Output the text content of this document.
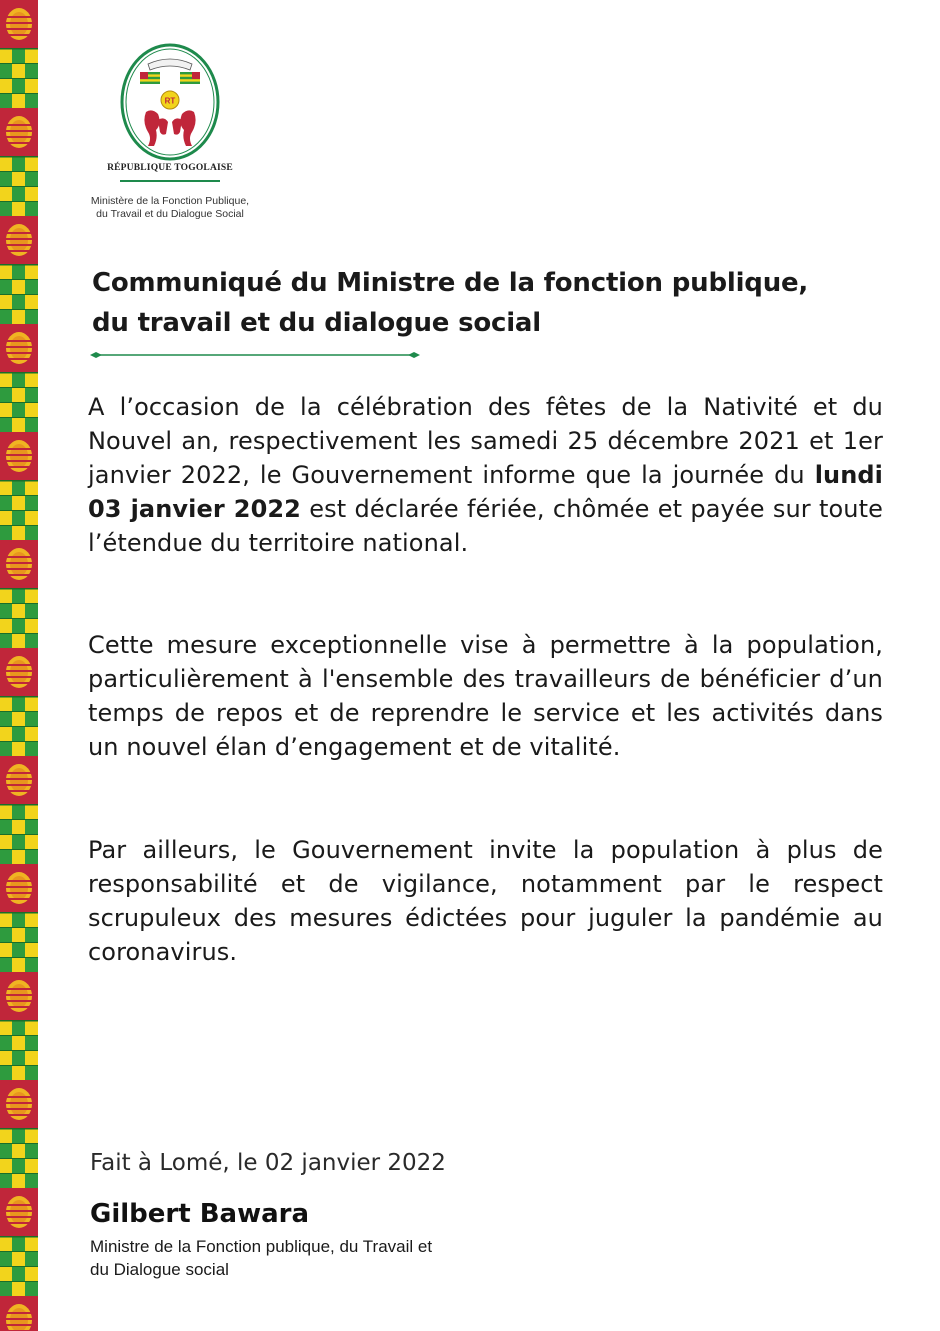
RT
RÉPUBLIQUE TOGOLAISE
Ministère de la Fonction Publique,
du Travail et du Dialogue Social
Communiqué du Ministre de la fonction publique,
du travail et du dialogue social
A l’occasion de la célébration des fêtes de la Nativité et du Nouvel an, respectivement les samedi 25 décembre 2021 et 1er janvier 2022, le Gouvernement informe que la journée du lundi 03 janvier 2022 est déclarée fériée, chômée et payée sur toute l’étendue du territoire national.
Cette mesure exceptionnelle vise à permettre à la population, particulièrement à l'ensemble des travailleurs de bénéficier d’un temps de repos et de reprendre le service et les activités dans un nouvel élan d’engagement et de vitalité.
Par ailleurs, le Gouvernement invite la population à plus de responsabilité et de vigilance, notamment par le respect scrupuleux des mesures édictées pour juguler la pandémie au coronavirus.
Fait à Lomé, le 02 janvier 2022
Gilbert Bawara
Ministre de la Fonction publique, du Travail et
du Dialogue social
